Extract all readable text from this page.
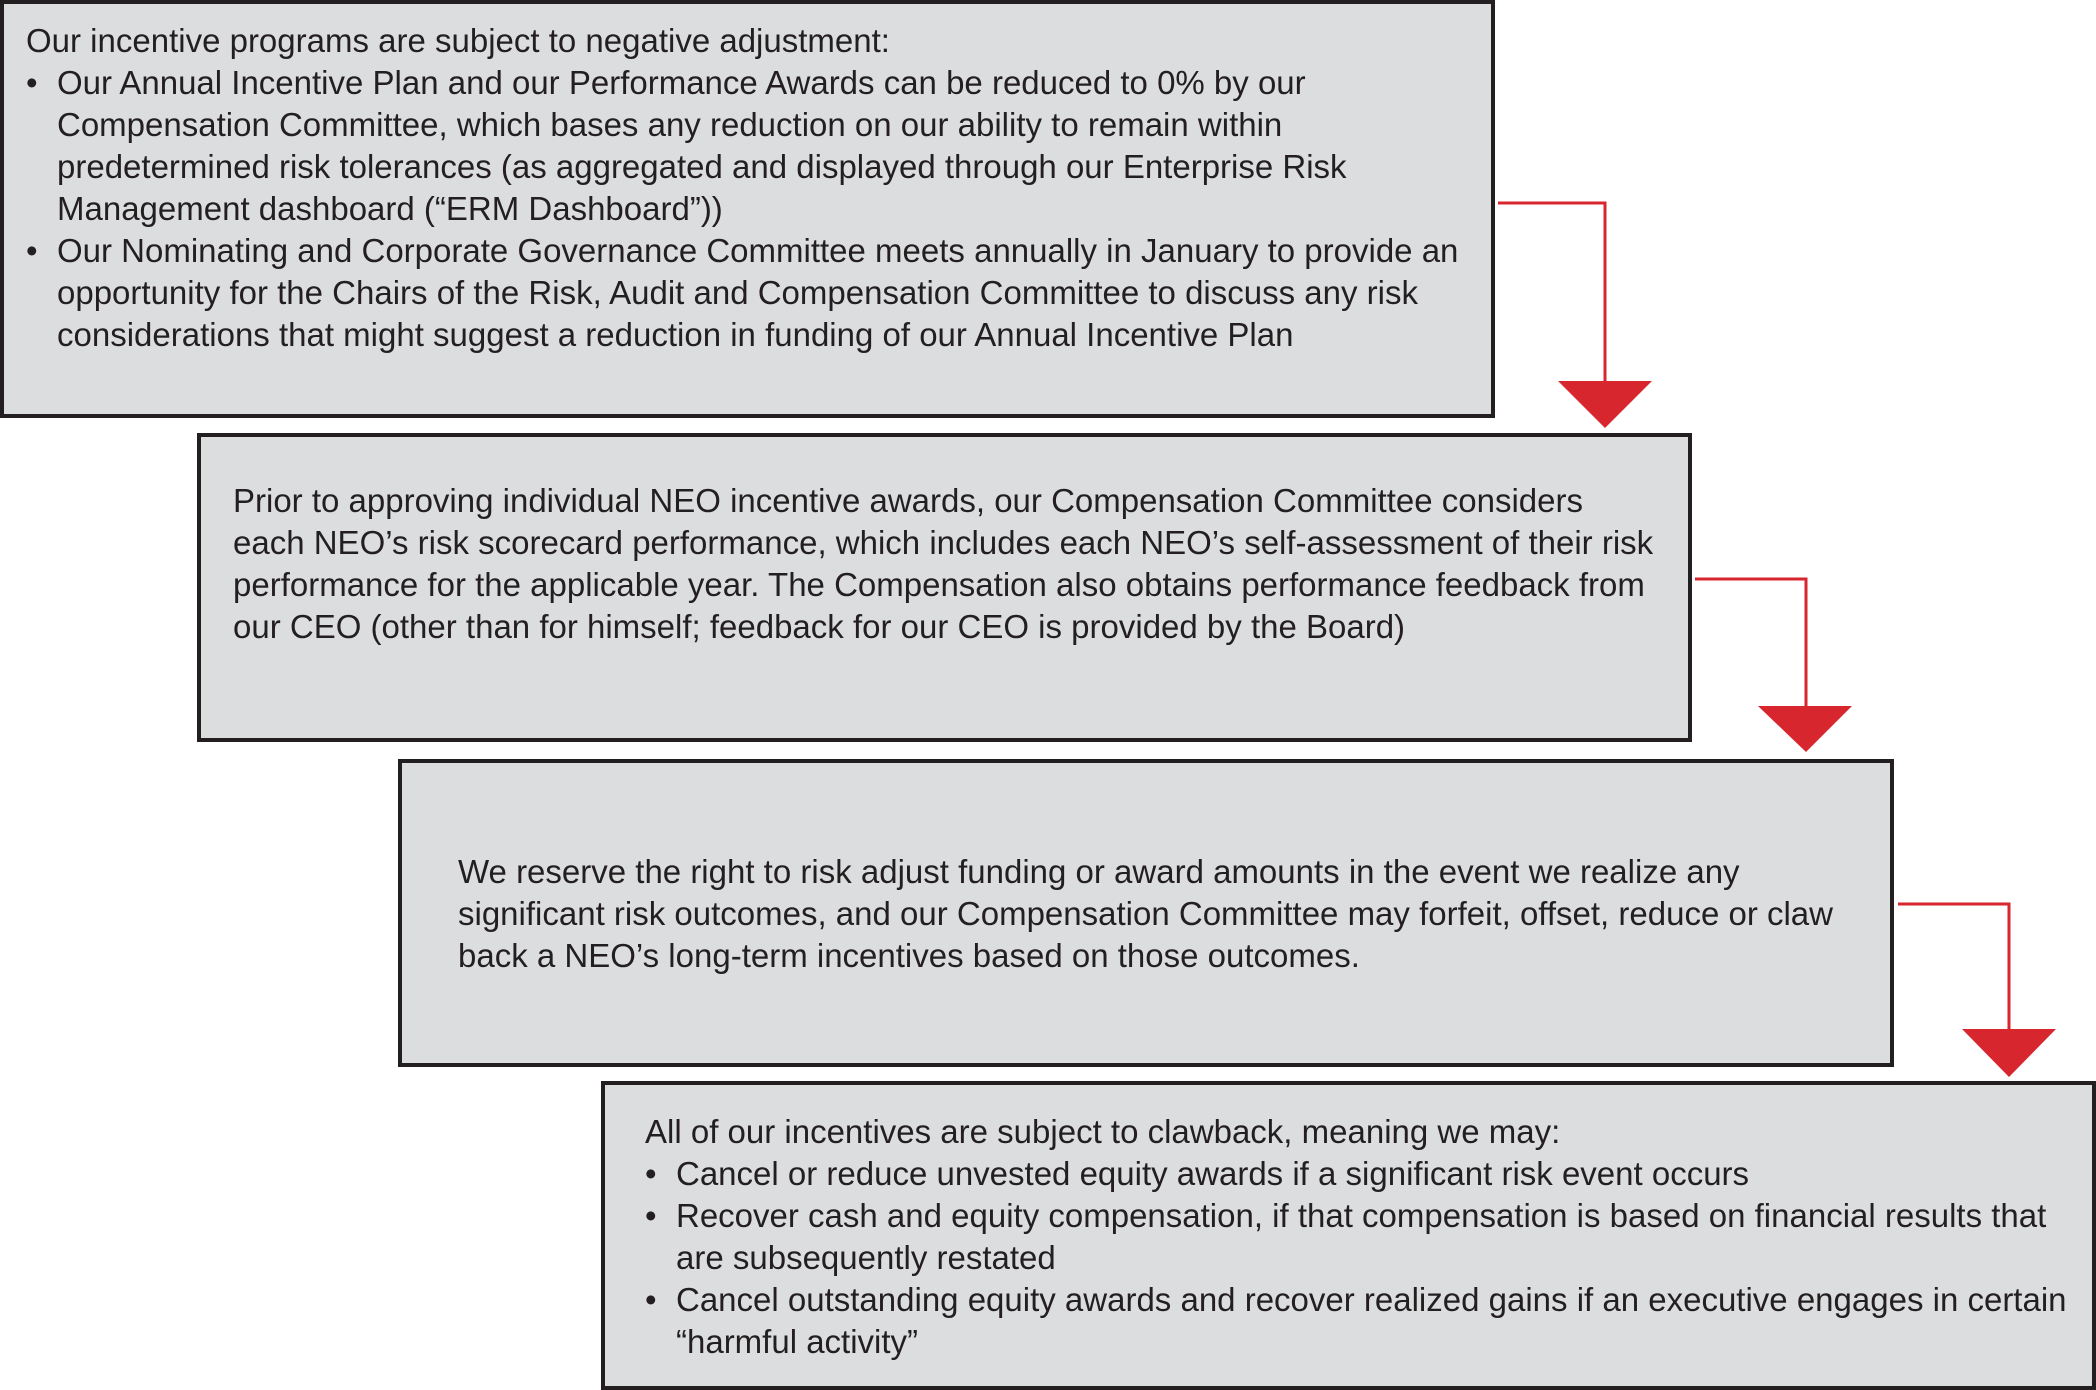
Our incentive programs are subject to negative adjustment:

• Our Annual Incentive Plan and our Performance Awards can be reduced to 0% by our Compensation Committee, which bases any reduction on our ability to remain within predetermined risk tolerances (as aggregated and displayed through our Enterprise Risk Management dashboard (“ERM Dashboard”))
• Our Nominating and Corporate Governance Committee meets annually in January to provide an opportunity for the Chairs of the Risk, Audit and Compensation Committee to discuss any risk considerations that might suggest a reduction in funding of our Annual Incentive Plan

Prior to approving individual NEO incentive awards, our Compensation Committee considers each NEO’s risk scorecard performance, which includes each NEO’s self-assessment of their risk performance for the applicable year. The Compensation also obtains performance feedback from our CEO (other than for himself; feedback for our CEO is provided by the Board)

We reserve the right to risk adjust funding or award amounts in the event we realize any significant risk outcomes, and our Compensation Committee may forfeit, offset, reduce or claw back a NEO’s long-term incentives based on those outcomes.

All of our incentives are subject to clawback, meaning we may:

• Cancel or reduce unvested equity awards if a significant risk event occurs
• Recover cash and equity compensation, if that compensation is based on financial results that are subsequently restated
• Cancel outstanding equity awards and recover realized gains if an executive engages in certain “harmful activity”
